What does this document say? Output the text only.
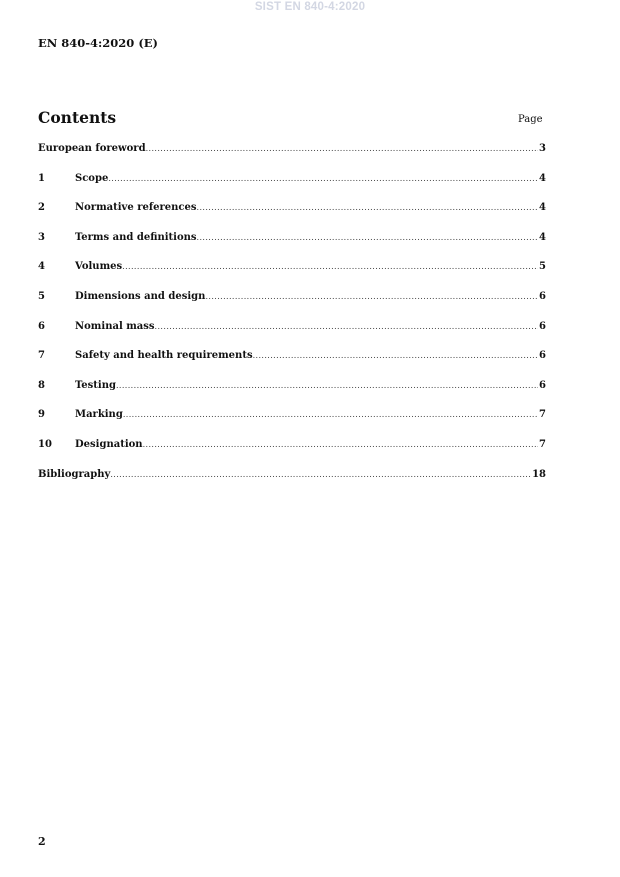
SIST EN 840-4:2020
EN 840-4:2020 (E)
Contents	Page
European foreword .....	3
1	Scope .....	4
2	Normative references .....	4
3	Terms and definitions .....	4
4	Volumes .....	5
5	Dimensions and design .....	6
6	Nominal mass .....	6
7	Safety and health requirements .....	6
8	Testing .....	6
9	Marking .....	7
10	Designation .....	7
Bibliography .....	18
2
